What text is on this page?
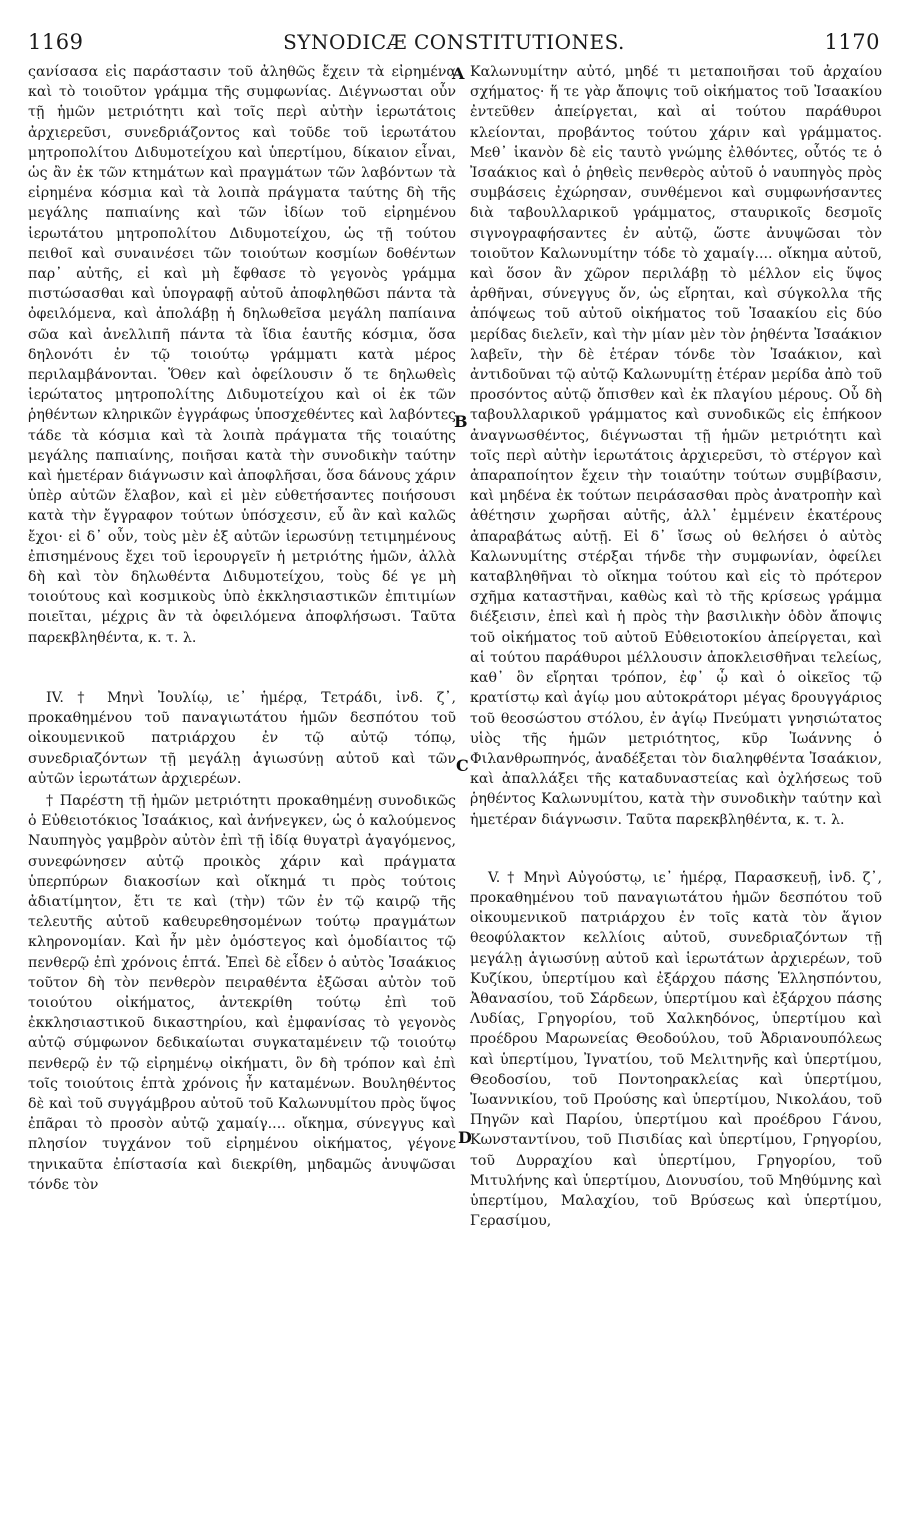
1169	SYNODICÆ CONSTITUTIONES.	1170

ςανίσασα εἰς παράστασιν τοῦ ἀληθῶς ἔχειν τὰ εἰρημένα καὶ τὸ τοιοῦτον γράμμα τῆς συμφωνίας. Διέγνωσται οὖν τῇ ἡμῶν μετριότητι καὶ τοῖς περὶ αὐτὴν ἱερωτάτοις ἀρχιερεῦσι, συνεδριάζοντος καὶ τοῦδε τοῦ ἱερωτάτου μητροπολίτου Διδυμοτείχου καὶ ὑπερτίμου, δίκαιον εἶναι, ὡς ἂν ἐκ τῶν κτημάτων καὶ πραγμάτων τῶν λαβόντων τὰ εἰρημένα κόσμια καὶ τὰ λοιπὰ πράγματα ταύτης δὴ τῆς μεγάλης παπιαίνης καὶ τῶν ἰδίων τοῦ εἰρημένου ἱερωτάτου μητροπολίτου Διδυμοτείχου, ὡς τῇ τούτου πειθοῖ καὶ συναινέσει τῶν τοιούτων κοσμίων δοθέντων παρ᾽ αὐτῆς, εἰ καὶ μὴ ἔφθασε τὸ γεγονὸς γράμμα πιστώσασθαι καὶ ὑπογραφῇ αὐτοῦ ἀποφληθῶσι πάντα τὰ ὀφειλόμενα, καὶ ἀπολάβῃ ἡ δηλωθεῖσα μεγάλη παπίαινα σῶα καὶ ἀνελλιπῆ πάντα τὰ ἴδια ἑαυτῆς κόσμια, ὅσα δηλονότι ἐν τῷ τοιούτῳ γράμματι κατὰ μέρος περιλαμβάνονται. Ὅθεν καὶ ὀφείλουσιν ὅ τε δηλωθεὶς ἱερώτατος μητροπολίτης Διδυμοτείχου καὶ οἱ ἐκ τῶν ῥηθέντων κληρικῶν ἐγγράφως ὑποσχεθέντες καὶ λαβόντες τάδε τὰ κόσμια καὶ τὰ λοιπὰ πράγματα τῆς τοιαύτης μεγάλης παπιαίνης, ποιῆσαι κατὰ τὴν συνοδικὴν ταύτην καὶ ἡμετέραν διάγνωσιν καὶ ἀποφλῆσαι, ὅσα δάνους χάριν ὑπὲρ αὐτῶν ἔλαβον, καὶ εἰ μὲν εὐθετήσαντες ποιήσουσι κατὰ τὴν ἔγγραφον τούτων ὑπόσχεσιν, εὖ ἂν καὶ καλῶς ἔχοι· εἰ δ᾽ οὖν, τοὺς μὲν ἐξ αὐτῶν ἱερωσύνῃ τετιμημένους ἐπισημένους ἔχει τοῦ ἱερουργεῖν ἡ μετριότης ἡμῶν, ἀλλὰ δὴ καὶ τὸν δηλωθέντα Διδυμοτείχου, τοὺς δέ γε μὴ τοιούτους καὶ κοσμικοὺς ὑπὸ ἐκκλησιαστικῶν ἐπιτιμίων ποιεῖται, μέχρις ἂν τὰ ὀφειλόμενα ἀποφλήσωσι. Ταῦτα παρεκβληθέντα, κ. τ. λ.

IV. † Μηνὶ Ἰουλίῳ, ιε᾽ ἡμέρᾳ, Τετράδι, ἰνδ. ζ᾽, προκαθημένου τοῦ παναγιωτάτου ἡμῶν δεσπότου τοῦ οἰκουμενικοῦ πατριάρχου ἐν τῷ αὐτῷ τόπῳ, συνεδριαζόντων τῇ μεγάλῃ ἁγιωσύνῃ αὐτοῦ καὶ τῶν αὐτῶν ἱερωτάτων ἀρχιερέων.

† Παρέστη τῇ ἡμῶν μετριότητι προκαθημένῃ συνοδικῶς ὁ Εὐθειοτόκιος Ἰσαάκιος, καὶ ἀνήνεγκεν, ὡς ὁ καλούμενος Ναυπηγὸς γαμβρὸν αὐτὸν ἐπὶ τῇ ἰδίᾳ θυγατρὶ ἀγαγόμενος, συνεφώνησεν αὐτῷ προικὸς χάριν καὶ πράγματα ὑπερπύρων διακοσίων καὶ οἴκημά τι πρὸς τούτοις ἀδιατίμητον, ἔτι τε καὶ (τὴν) τῶν ἐν τῷ καιρῷ τῆς τελευτῆς αὐτοῦ καθευρεθησομένων τούτῳ πραγμάτων κληρονομίαν. Καὶ ἦν μὲν ὁμόστεγος καὶ ὁμοδίαιτος τῷ πενθερῷ ἐπὶ χρόνοις ἑπτά. Ἐπεὶ δὲ εἶδεν ὁ αὐτὸς Ἰσαάκιος τοῦτον δὴ τὸν πενθερὸν πειραθέντα ἐξῶσαι αὐτὸν τοῦ τοιούτου οἰκήματος, ἀντεκρίθη τούτῳ ἐπὶ τοῦ ἐκκλησιαστικοῦ δικαστηρίου, καὶ ἐμφανίσας τὸ γεγονὸς αὐτῷ σύμφωνον δεδικαίωται συγκαταμένειν τῷ τοιούτῳ πενθερῷ ἐν τῷ εἰρημένῳ οἰκήματι, ὃν δὴ τρόπον καὶ ἐπὶ τοῖς τοιούτοις ἑπτὰ χρόνοις ἦν καταμένων. Βουληθέντος δὲ καὶ τοῦ συγγάμβρου αὐτοῦ τοῦ Καλωνυμίτου πρὸς ὕψος ἐπᾶραι τὸ προσὸν αὐτῷ χαμαίγ.... οἴκημα, σύνεγγυς καὶ πλησίον τυγχάνον τοῦ εἰρημένου οἰκήματος, γέγονε τηνικαῦτα ἐπίστασία καὶ διεκρίθη, μηδαμῶς ἀνυψῶσαι τόνδε τὸν

Καλωνυμίτην αὐτό, μηδέ τι μεταποιῆσαι τοῦ ἀρχαίου σχήματος· ἥ τε γὰρ ἄποψις τοῦ οἰκήματος τοῦ Ἰσαακίου ἐντεῦθεν ἀπείργεται, καὶ αἱ τούτου παράθυροι κλείονται, προβάντος τούτου χάριν καὶ γράμματος. Μεθ᾽ ἱκανὸν δὲ εἰς ταυτὸ γνώμης ἐλθόντες, οὗτός τε ὁ Ἰσαάκιος καὶ ὁ ῥηθεὶς πενθερὸς αὐτοῦ ὁ ναυπηγὸς πρὸς συμβάσεις ἐχώρησαν, συνθέμενοι καὶ συμφωνήσαντες διὰ ταβουλλαρικοῦ γράμματος, σταυρικοῖς δεσμοῖς σιγνογραφήσαντες ἐν αὐτῷ, ὥστε ἀνυψῶσαι τὸν τοιοῦτον Καλωνυμίτην τόδε τὸ χαμαίγ.... οἴκημα αὐτοῦ, καὶ ὅσον ἂν χῶρον περιλάβῃ τὸ μέλλον εἰς ὕψος ἀρθῆναι, σύνεγγυς ὄν, ὡς εἴρηται, καὶ σύγκολλα τῆς ἀπόψεως τοῦ αὐτοῦ οἰκήματος τοῦ Ἰσαακίου εἰς δύο μερίδας διελεῖν, καὶ τὴν μίαν μὲν τὸν ῥηθέντα Ἰσαάκιον λαβεῖν, τὴν δὲ ἑτέραν τόνδε τὸν Ἰσαάκιον, καὶ ἀντιδοῦναι τῷ αὐτῷ Καλωνυμίτῃ ἑτέραν μερίδα ἀπὸ τοῦ προσόντος αὐτῷ ὄπισθεν καὶ ἐκ πλαγίου μέρους. Οὗ δὴ ταβουλλαρικοῦ γράμματος καὶ συνοδικῶς εἰς ἐπήκοον ἀναγνωσθέντος, διέγνωσται τῇ ἡμῶν μετριότητι καὶ τοῖς περὶ αὐτὴν ἱερωτάτοις ἀρχιερεῦσι, τὸ στέργον καὶ ἀπαραποίητον ἔχειν τὴν τοιαύτην τούτων συμβίβασιν, καὶ μηδένα ἐκ τούτων πειράσασθαι πρὸς ἀνατροπὴν καὶ ἀθέτησιν χωρῆσαι αὐτῆς, ἀλλ᾽ ἐμμένειν ἑκατέρους ἀπαραβάτως αὐτῇ. Εἰ δ᾽ ἴσως οὐ θελήσει ὁ αὐτὸς Καλωνυμίτης στέρξαι τήνδε τὴν συμφωνίαν, ὀφείλει καταβληθῆναι τὸ οἴκημα τούτου καὶ εἰς τὸ πρότερον σχῆμα καταστῆναι, καθὼς καὶ τὸ τῆς κρίσεως γράμμα διέξεισιν, ἐπεὶ καὶ ἡ πρὸς τὴν βασιλικὴν ὁδὸν ἄποψις τοῦ οἰκήματος τοῦ αὐτοῦ Εὐθειοτοκίου ἀπείργεται, καὶ αἱ τούτου παράθυροι μέλλουσιν ἀποκλεισθῆναι τελείως, καθ᾽ ὃν εἴρηται τρόπον, ἐφ᾽ ᾧ καὶ ὁ οἰκεῖος τῷ κρατίστῳ καὶ ἁγίῳ μου αὐτοκράτορι μέγας δρουγγάριος τοῦ θεοσώστου στόλου, ἐν ἁγίῳ Πνεύματι γνησιώτατος υἱὸς τῆς ἡμῶν μετριότητος, κῦρ Ἰωάννης ὁ Φιλανθρωπηνός, ἀναδέξεται τὸν διαληφθέντα Ἰσαάκιον, καὶ ἀπαλλάξει τῆς καταδυναστείας καὶ ὀχλήσεως τοῦ ῥηθέντος Καλωνυμίτου, κατὰ τὴν συνοδικὴν ταύτην καὶ ἡμετέραν διάγνωσιν. Ταῦτα παρεκβληθέντα, κ. τ. λ.

V. † Μηνὶ Αὐγούστῳ, ιε᾽ ἡμέρᾳ, Παρασκευῇ, ἰνδ. ζ᾽, προκαθημένου τοῦ παναγιωτάτου ἡμῶν δεσπότου τοῦ οἰκουμενικοῦ πατριάρχου ἐν τοῖς κατὰ τὸν ἅγιον θεοφύλακτον κελλίοις αὐτοῦ, συνεδριαζόντων τῇ μεγάλῃ ἁγιωσύνῃ αὐτοῦ καὶ ἱερωτάτων ἀρχιερέων, τοῦ Κυζίκου, ὑπερτίμου καὶ ἐξάρχου πάσης Ἑλλησπόντου, Ἀθανασίου, τοῦ Σάρδεων, ὑπερτίμου καὶ ἐξάρχου πάσης Λυδίας, Γρηγορίου, τοῦ Χαλκηδόνος, ὑπερτίμου καὶ προέδρου Μαρωνείας Θεοδούλου, τοῦ Ἀδριανουπόλεως καὶ ὑπερτίμου, Ἰγνατίου, τοῦ Μελιτηνῆς καὶ ὑπερτίμου, Θεοδοσίου, τοῦ Ποντοηρακλείας καὶ ὑπερτίμου, Ἰωαννικίου, τοῦ Προύσης καὶ ὑπερτίμου, Νικολάου, τοῦ Πηγῶν καὶ Παρίου, ὑπερτίμου καὶ προέδρου Γάνου, Κωνσταντίνου, τοῦ Πισιδίας καὶ ὑπερτίμου, Γρηγορίου, τοῦ Δυρραχίου καὶ ὑπερτίμου, Γρηγορίου, τοῦ Μιτυλήνης καὶ ὑπερτίμου, Διονυσίου, τοῦ Μηθύμνης καὶ ὑπερτίμου, Μαλαχίου, τοῦ Βρύσεως καὶ ὑπερτίμου, Γερασίμου,

A
B
C
D
